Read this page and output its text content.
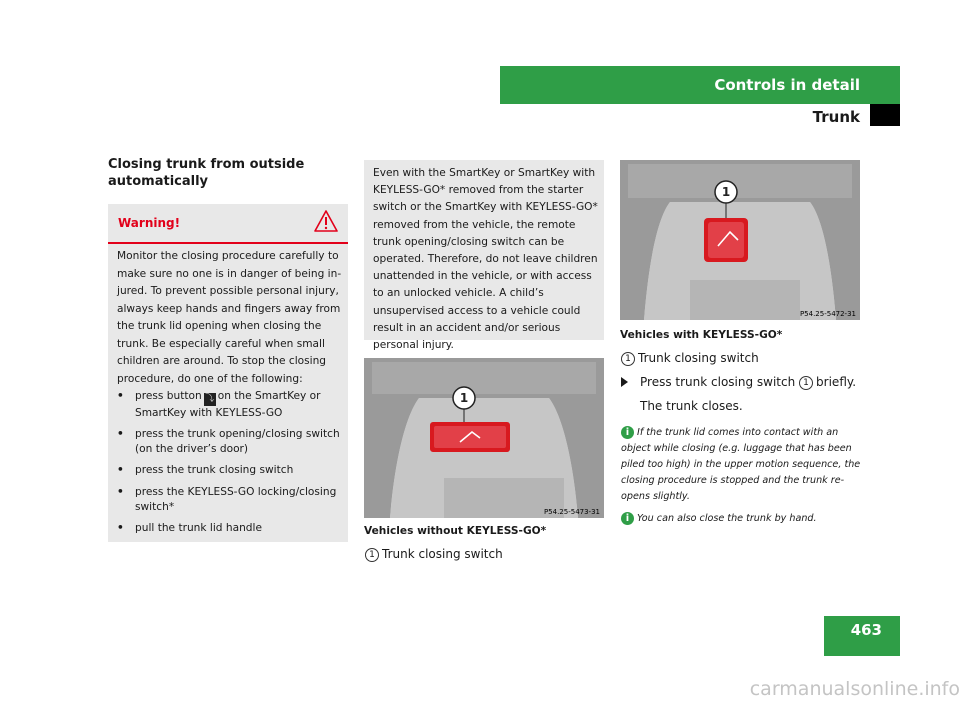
Controls in detail
Trunk
Closing trunk from outside automatically
Warning!
Monitor the closing procedure carefully to make sure no one is in danger of being in-jured. To prevent possible personal injury, always keep hands and fingers away from the trunk lid opening when closing the trunk. Be especially careful when small children are around. To stop the closing procedure, do one of the following:
• press button ⤵ on the SmartKey or SmartKey with KEYLESS-GO
• press the trunk opening/closing switch (on the driver’s door)
• press the trunk closing switch
• press the KEYLESS-GO locking/closing switch*
• pull the trunk lid handle
Even with the SmartKey or SmartKey with KEYLESS-GO* removed from the starter switch or the SmartKey with KEYLESS-GO* removed from the vehicle, the remote trunk opening/closing switch can be operated. Therefore, do not leave children unattended in the vehicle, or with access to an unlocked vehicle. A child’s unsupervised access to a vehicle could result in an accident and/or serious personal injury.
1
P54.25-5473-31
Vehicles without KEYLESS-GO*
1 Trunk closing switch
1
P54.25-5472-31
Vehicles with KEYLESS-GO*
1 Trunk closing switch
Press trunk closing switch 1 briefly.
The trunk closes.
i If the trunk lid comes into contact with an object while closing (e.g. luggage that has been piled too high) in the upper motion sequence, the closing procedure is stopped and the trunk re-opens slightly.
i You can also close the trunk by hand.
463
carmanualsonline.info
